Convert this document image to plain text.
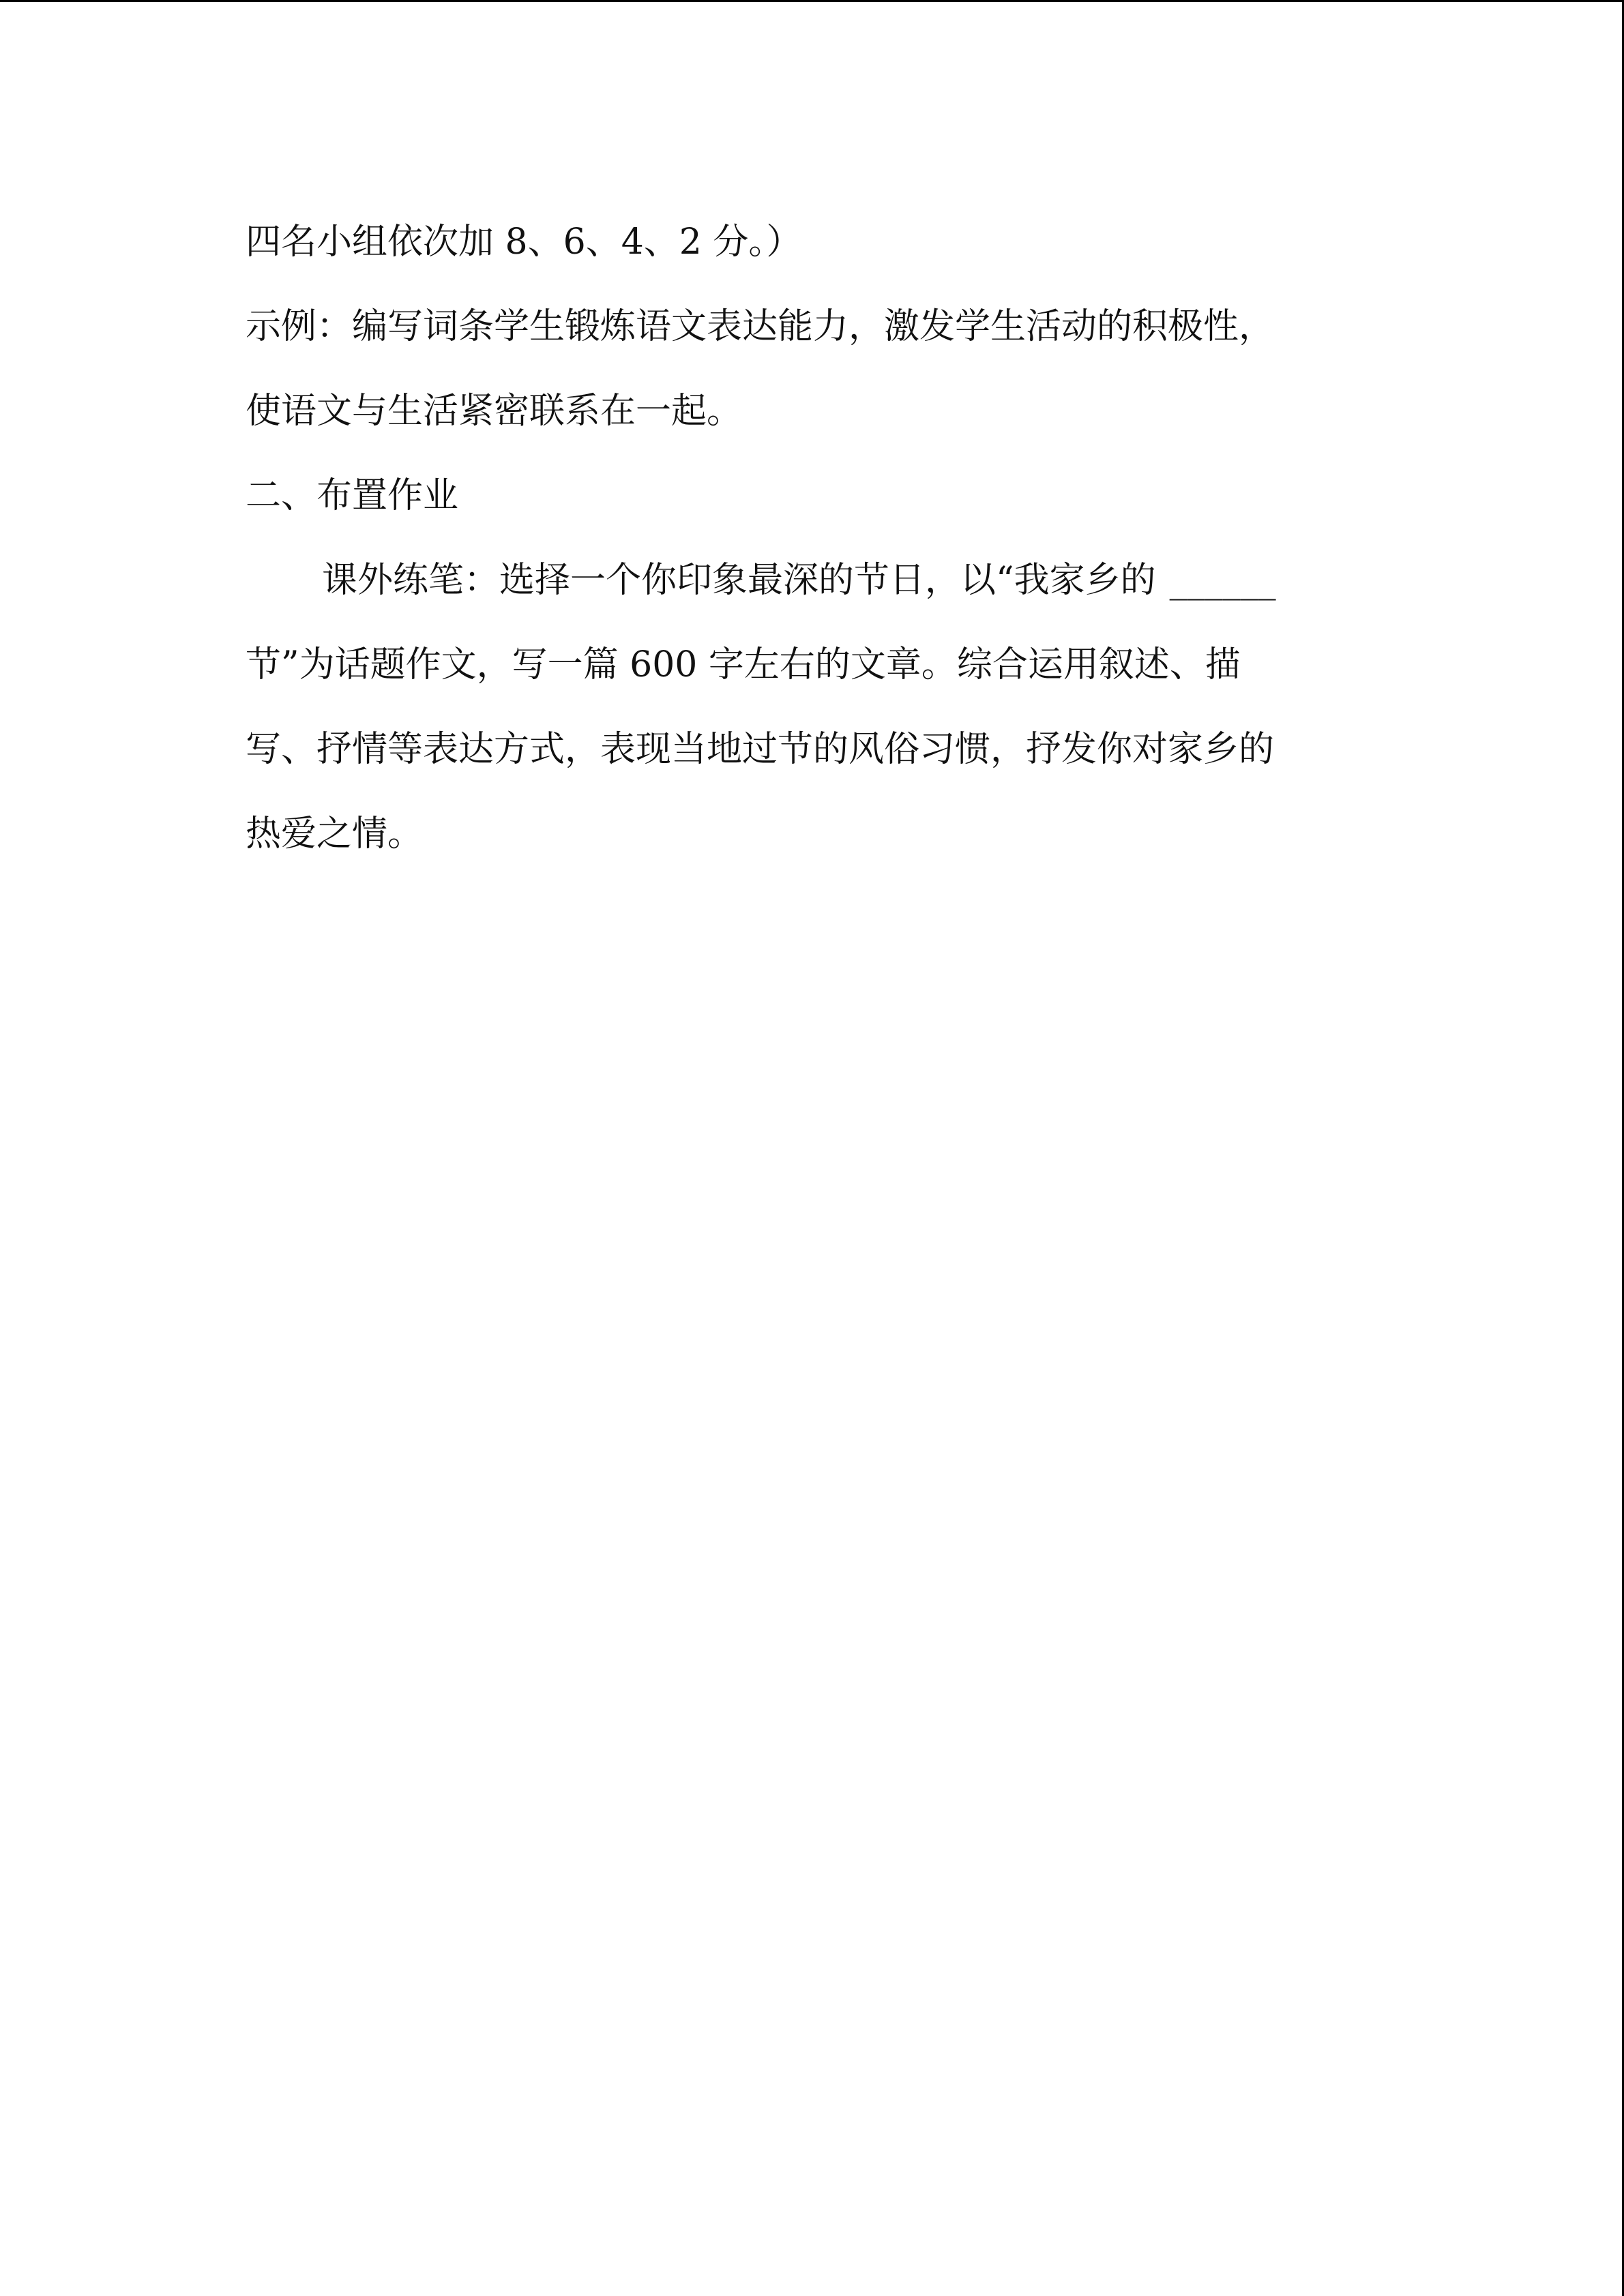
四名小组依次加 8、6、4、2 分。）
示例：编写词条学生锻炼语文表达能力，激发学生活动的积极性，
使语文与生活紧密联系在一起。
二、布置作业
课外练笔：选择一个你印象最深的节日，以“我家乡的 ______
节”为话题作文，写一篇 600 字左右的文章。综合运用叙述、描
写、抒情等表达方式，表现当地过节的风俗习惯，抒发你对家乡的
热爱之情。
